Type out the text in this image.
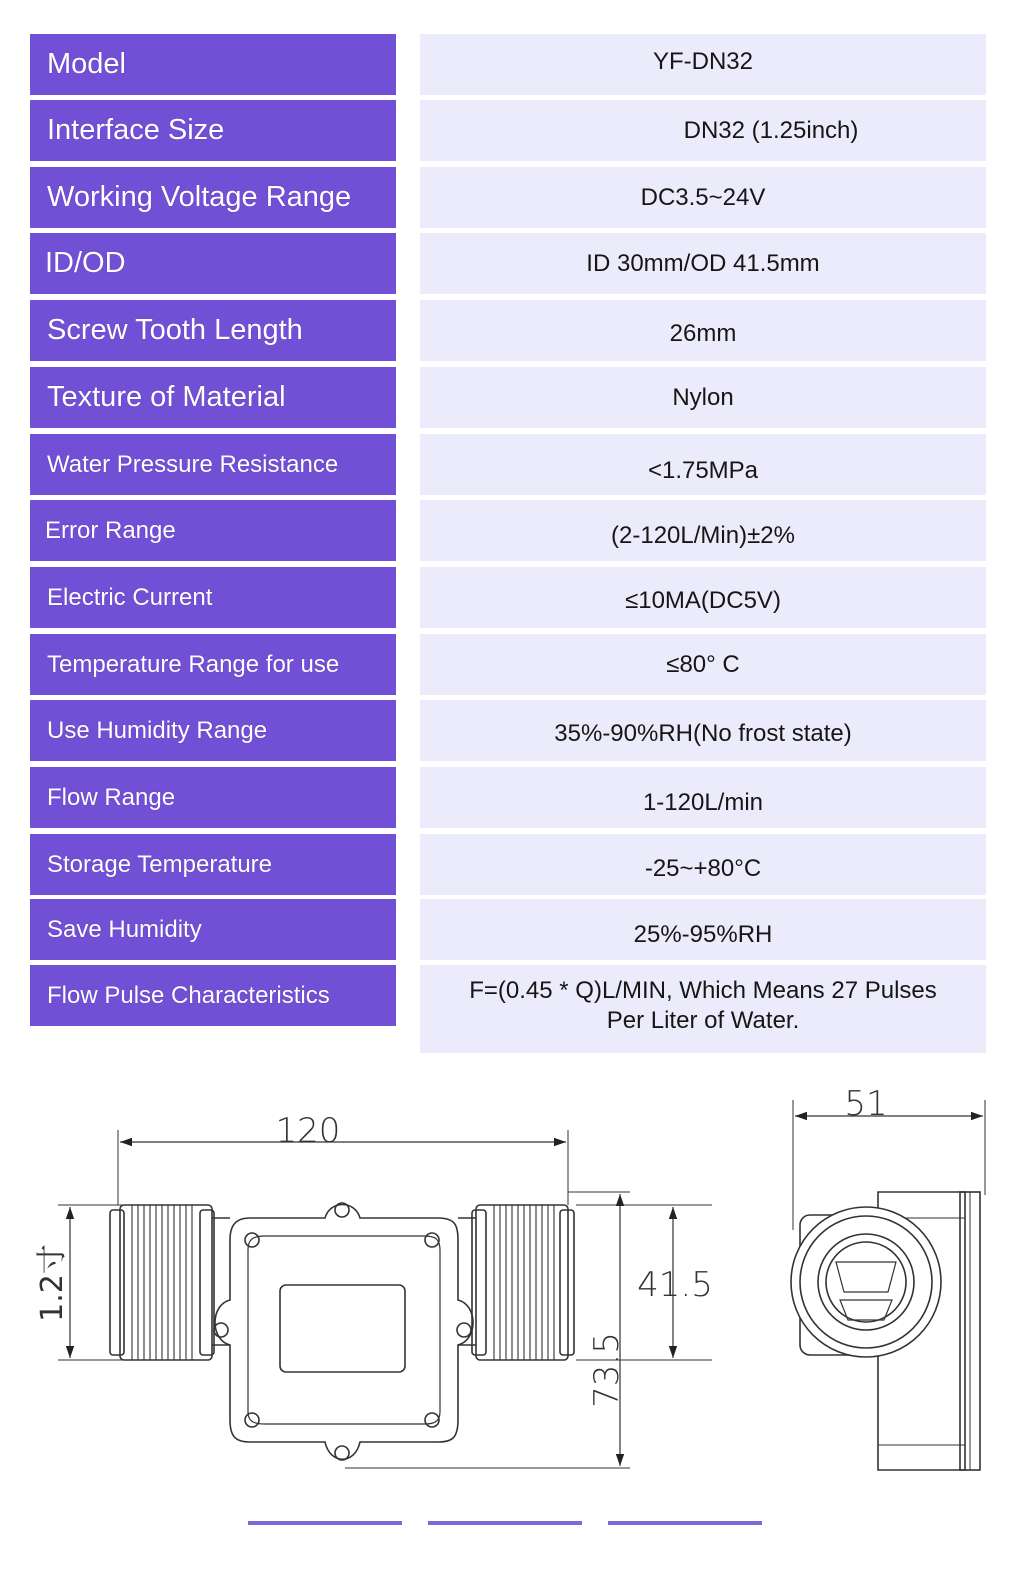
Model	YF-DN32
Interface Size	DN32 (1.25inch)
Working Voltage Range	DC3.5~24V
ID/OD	ID 30mm/OD 41.5mm
Screw Tooth Length	26mm
Texture of Material	Nylon
Water Pressure Resistance	<1.75MPa
Error Range	(2-120L/Min)±2%
Electric Current	≤10MA(DC5V)
Temperature Range for use	≤80° C
Use Humidity Range	35%-90%RH(No frost state)
Flow Range	1-120L/min
Storage Temperature	-25~+80°C
Save Humidity	25%-95%RH
Flow Pulse Characteristics	F=(0.45 * Q)L/MIN, Which Means 27 Pulses
Per Liter of Water.
120
1.2寸	41.5
73.5
51
